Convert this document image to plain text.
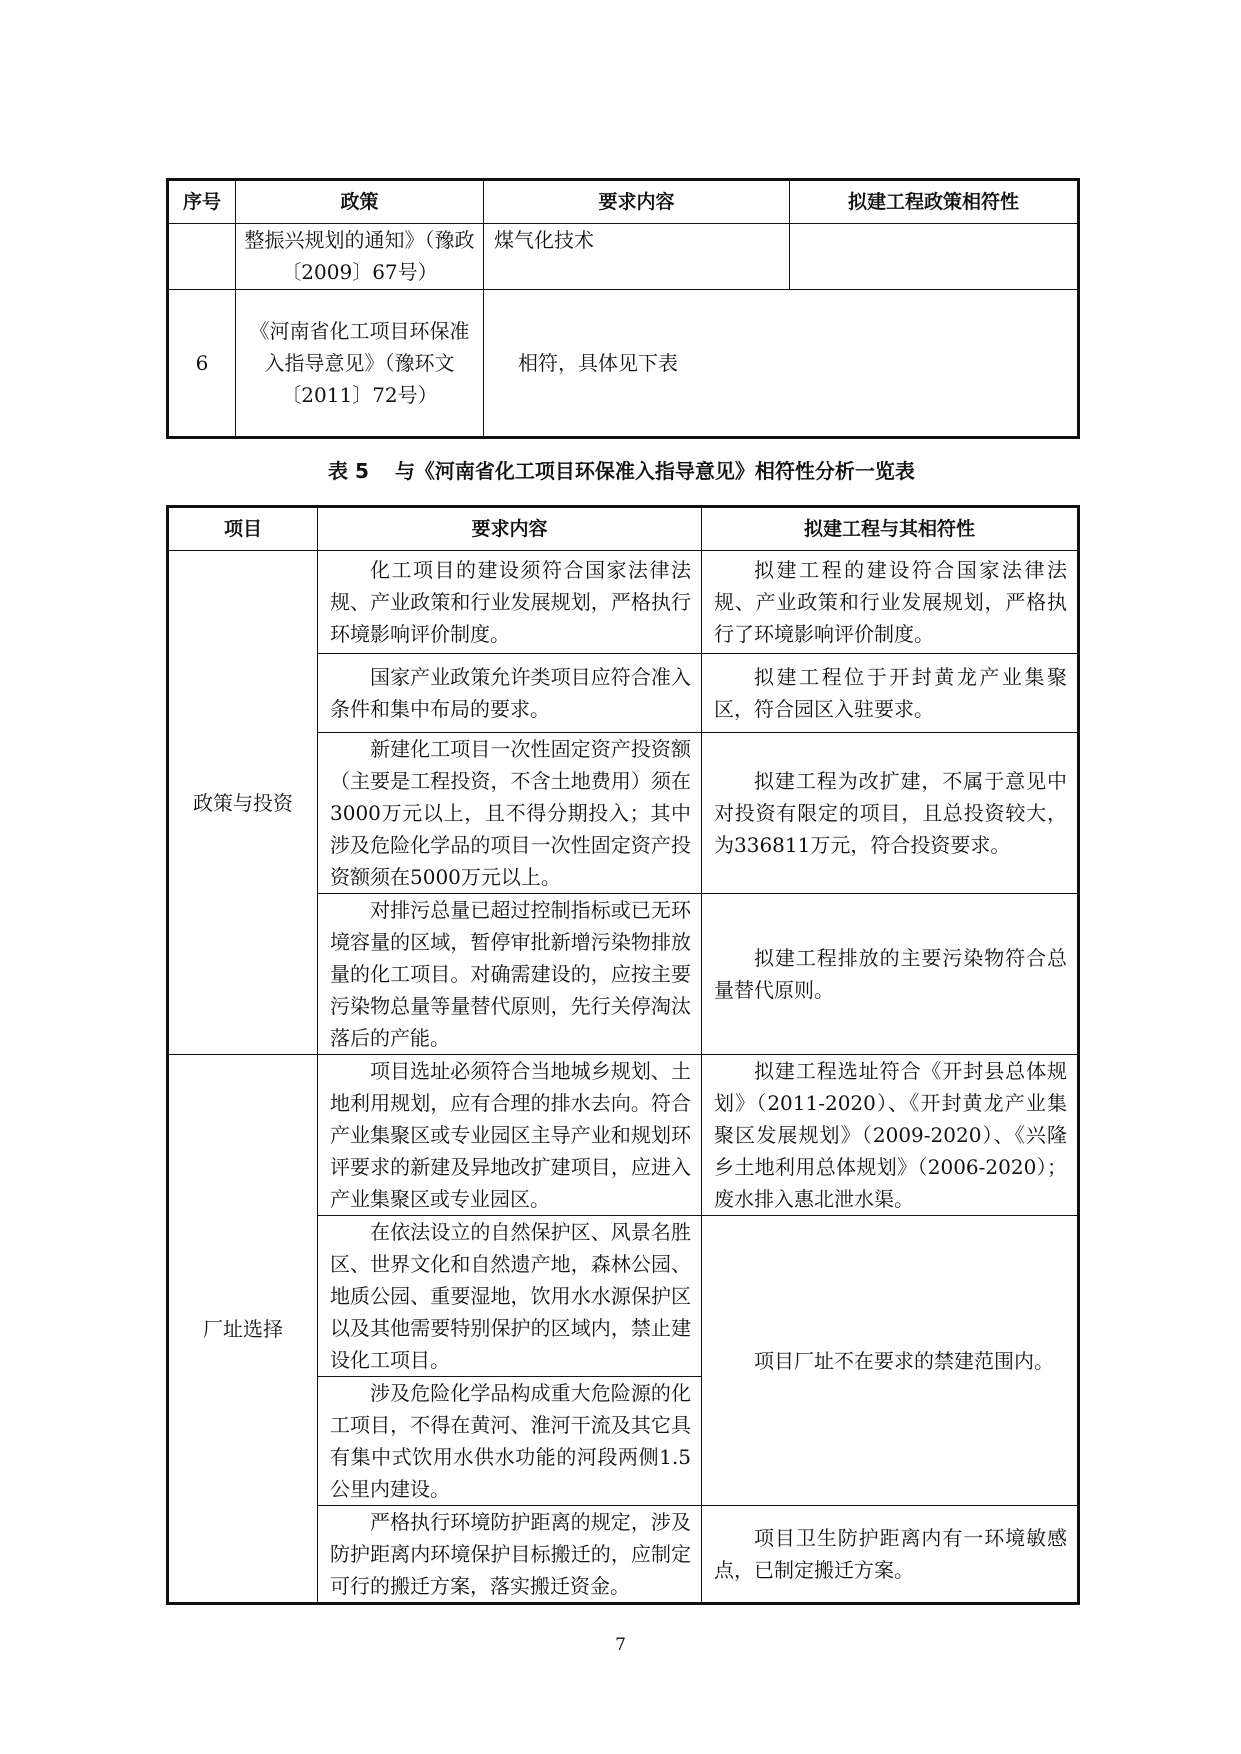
序号	政策	要求内容	拟建工程政策相符性
	整振兴规划的通知》（豫政〔2009〕67号）	煤气化技术	
6	《河南省化工项目环保准入指导意见》（豫环文〔2011〕72号）	相符，具体见下表	
表 5 与《河南省化工项目环保准入指导意见》相符性分析一览表
项目	要求内容	拟建工程与其相符性
政策与投资	化工项目的建设须符合国家法律法规、产业政策和行业发展规划，严格执行环境影响评价制度。	拟建工程的建设符合国家法律法规、产业政策和行业发展规划，严格执行了环境影响评价制度。
	国家产业政策允许类项目应符合准入条件和集中布局的要求。	拟建工程位于开封黄龙产业集聚区，符合园区入驻要求。
	新建化工项目一次性固定资产投资额（主要是工程投资，不含土地费用）须在3000万元以上，且不得分期投入；其中涉及危险化学品的项目一次性固定资产投资额须在5000万元以上。	拟建工程为改扩建，不属于意见中对投资有限定的项目，且总投资较大，为336811万元，符合投资要求。
	对排污总量已超过控制指标或已无环境容量的区域，暂停审批新增污染物排放量的化工项目。对确需建设的，应按主要污染物总量等量替代原则，先行关停淘汰落后的产能。	拟建工程排放的主要污染物符合总量替代原则。
厂址选择	项目选址必须符合当地城乡规划、土地利用规划，应有合理的排水去向。符合产业集聚区或专业园区主导产业和规划环评要求的新建及异地改扩建项目，应进入产业集聚区或专业园区。	拟建工程选址符合《开封县总体规划》（2011-2020）、《开封黄龙产业集聚区发展规划》（2009-2020）、《兴隆乡土地利用总体规划》（2006-2020）；废水排入惠北泄水渠。
	在依法设立的自然保护区、风景名胜区、世界文化和自然遗产地，森林公园、地质公园、重要湿地，饮用水水源保护区以及其他需要特别保护的区域内，禁止建设化工项目。	项目厂址不在要求的禁建范围内。
	涉及危险化学品构成重大危险源的化工项目，不得在黄河、淮河干流及其它具有集中式饮用水供水功能的河段两侧1.5公里内建设。	
	严格执行环境防护距离的规定，涉及防护距离内环境保护目标搬迁的，应制定可行的搬迁方案，落实搬迁资金。	项目卫生防护距离内有一环境敏感点，已制定搬迁方案。
7
